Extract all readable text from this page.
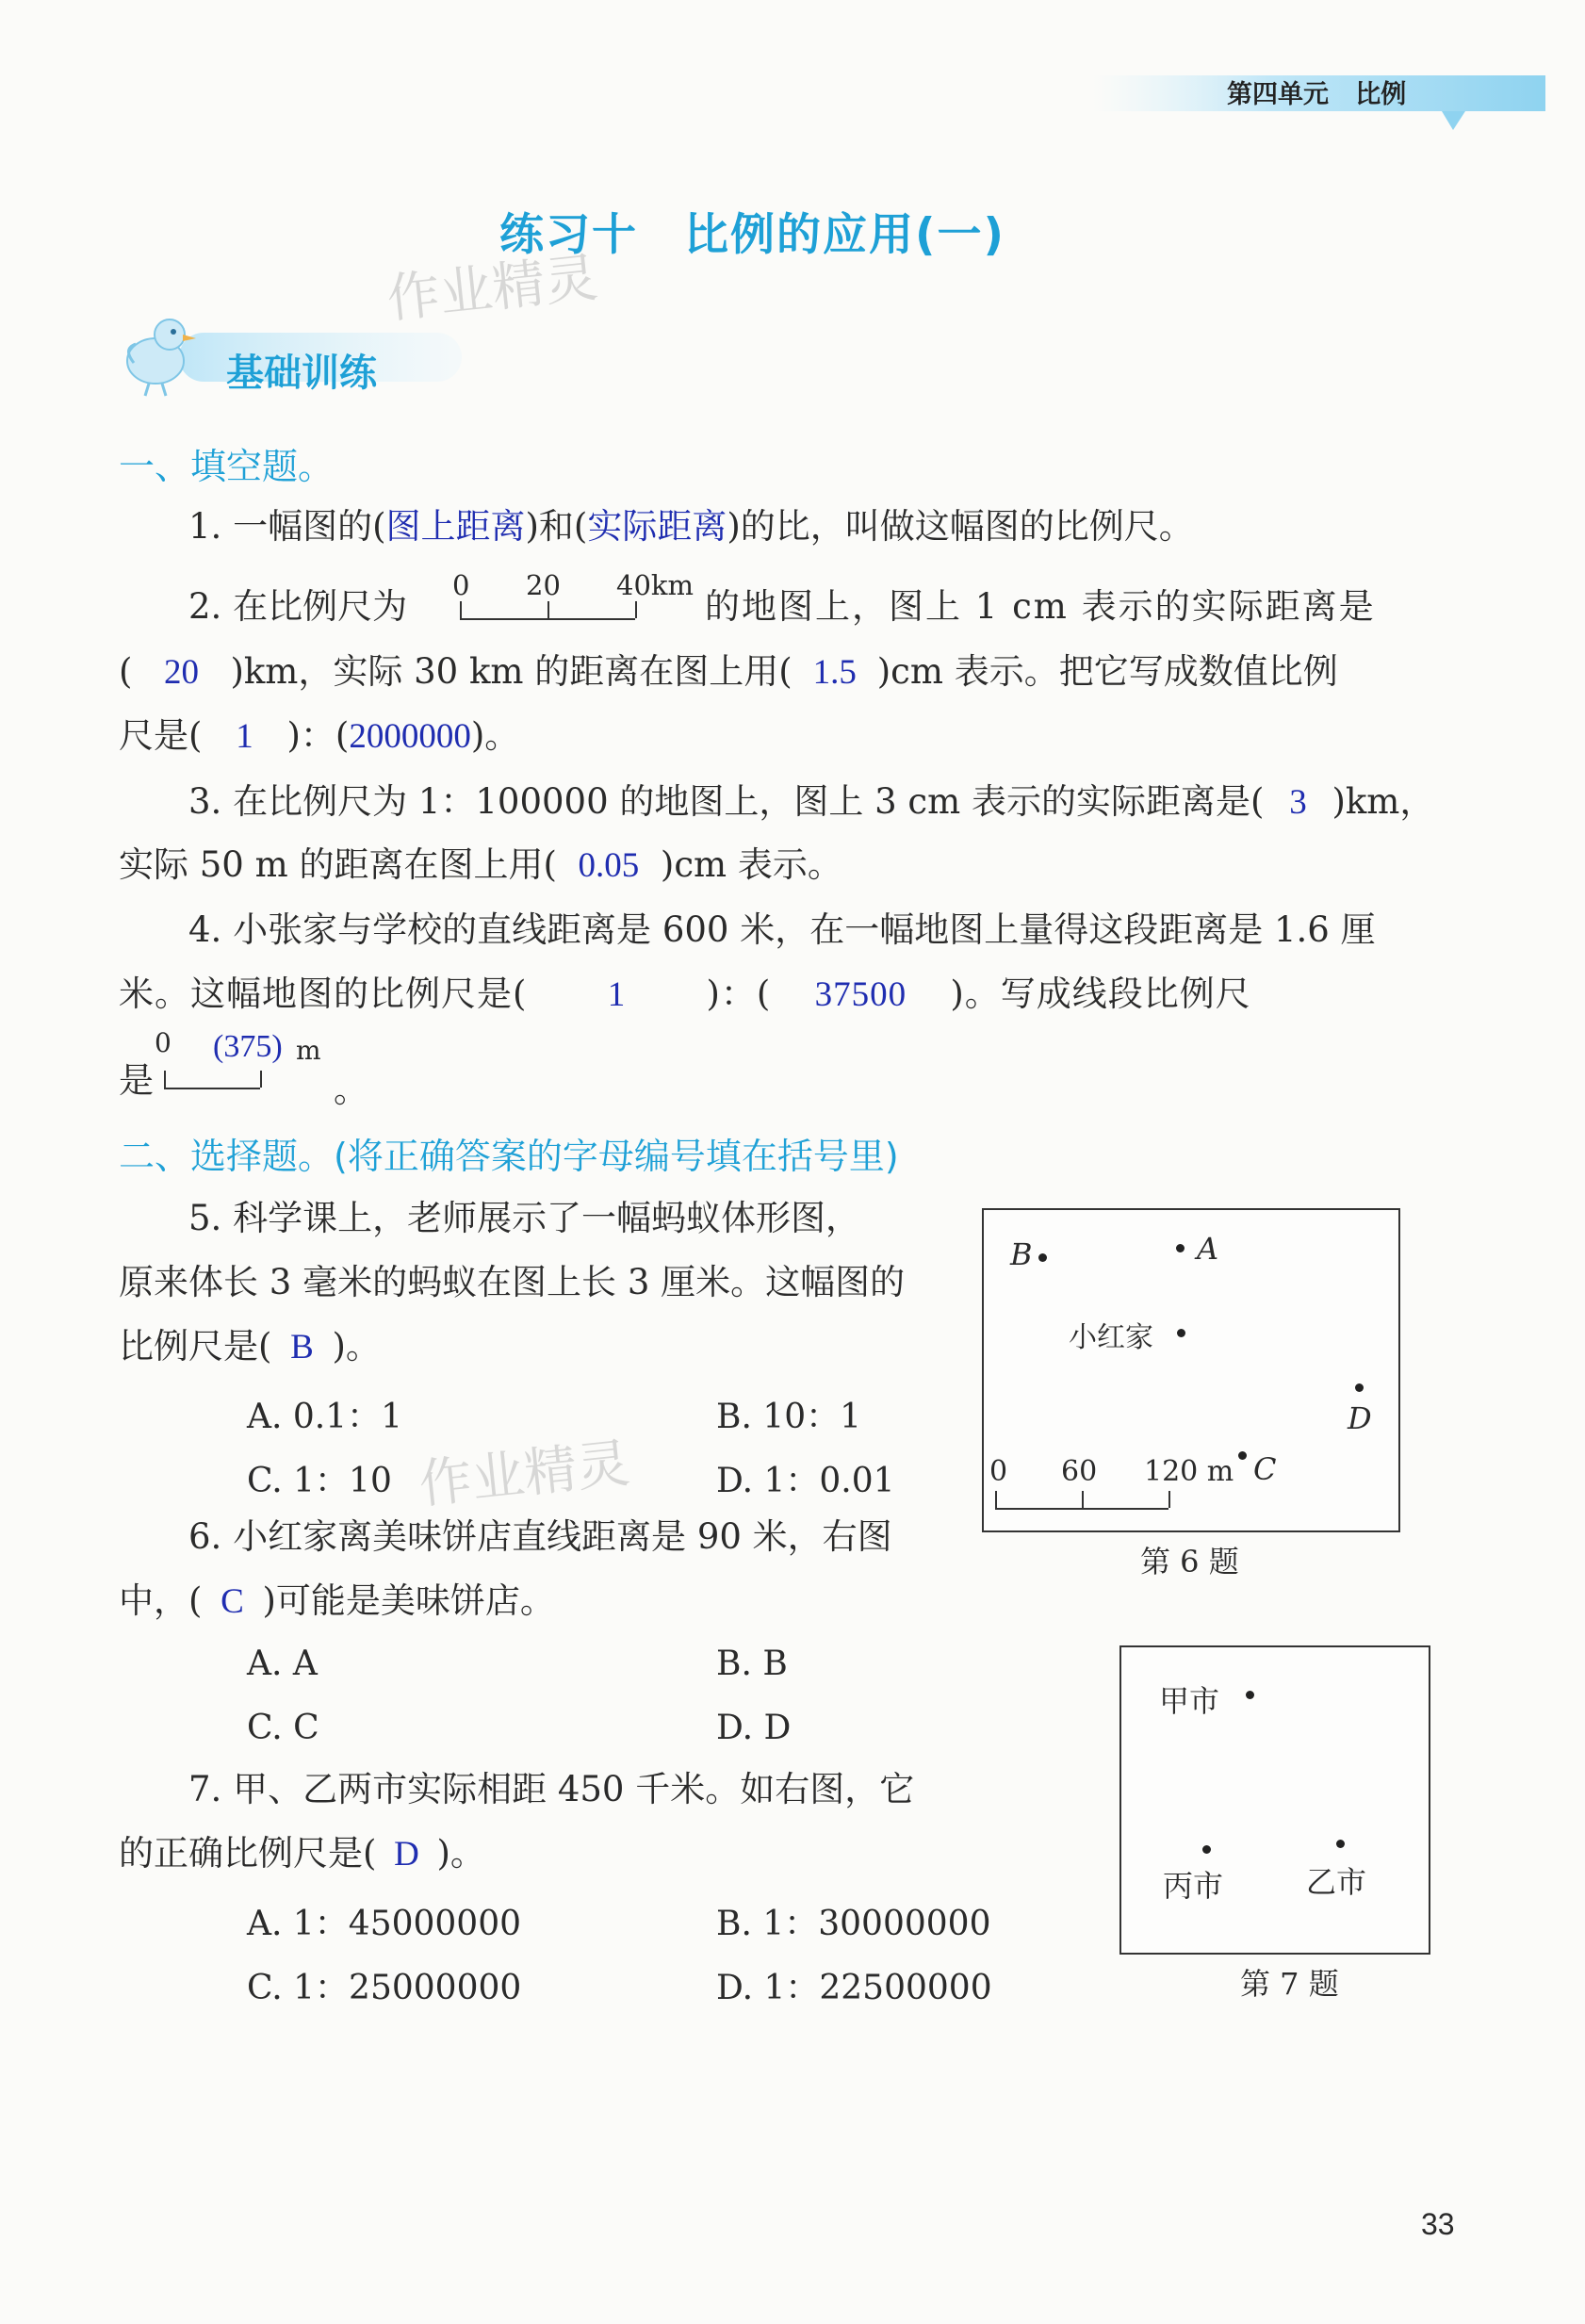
第四单元 比例
练习十　比例的应用(一)
作业精灵
基础训练
一、填空题。
1. 一幅图的(图上距离)和(实际距离)的比，叫做这幅图的比例尺。
2. 在比例尺为
0 20 40km
的地图上，图上 1 cm 表示的实际距离是
( 20 )km，实际 30 km 的距离在图上用( 1.5 )cm 表示。把它写成数值比例
尺是( 1 )：(2000000)。
3. 在比例尺为 1：100000 的地图上，图上 3 cm 表示的实际距离是( 3 )km，
实际 50 m 的距离在图上用( 0.05 )cm 表示。
4. 小张家与学校的直线距离是 600 米，在一幅地图上量得这段距离是 1.6 厘
米。这幅地图的比例尺是( 1 )：( 37500 )。写成线段比例尺
是
0 (375) m
。
二、选择题。(将正确答案的字母编号填在括号里)
5. 科学课上，老师展示了一幅蚂蚁体形图，
原来体长 3 毫米的蚂蚁在图上长 3 厘米。这幅图的
比例尺是( B )。
A. 0.1：1	B. 10：1
C. 1：10	D. 1：0.01
作业精灵
B	A
小红家
D
C
0 60 120 m
第 6 题
6. 小红家离美味饼店直线距离是 90 米，右图
中，( C )可能是美味饼店。
A. A	B. B
C. C	D. D
甲市
丙市	乙市
第 7 题
7. 甲、乙两市实际相距 450 千米。如右图，它
的正确比例尺是( D )。
A. 1：45000000	B. 1：30000000
C. 1：25000000	D. 1：22500000
33
